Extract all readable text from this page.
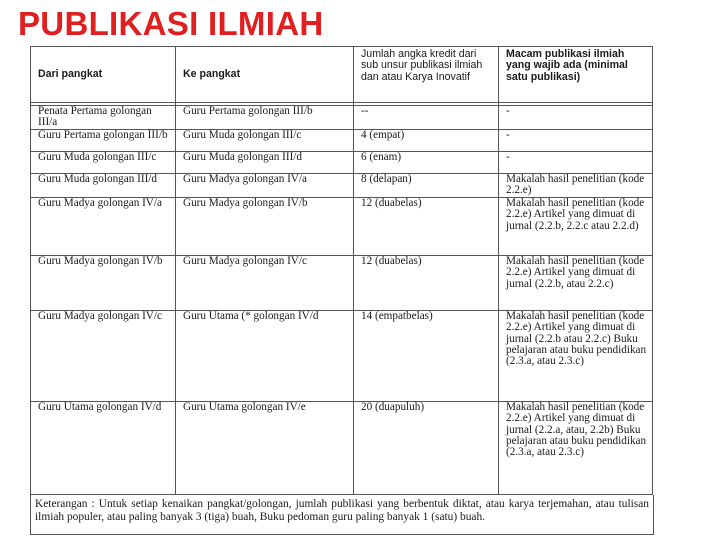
PUBLIKASI ILMIAH
Dari pangkat	Ke pangkat	Jumlah angka kredit dari sub unsur publikasi ilmiah dan atau Karya Inovatif	Macam publikasi ilmiah yang wajib ada (minimal satu publikasi)

Penata Pertama golongan III/a	Guru Pertama golongan III/b	--	-
Guru Pertama golongan III/b	Guru Muda golongan III/c	4 (empat)	-
Guru Muda golongan III/c	Guru Muda golongan III/d	6 (enam)	-
Guru Muda golongan III/d	Guru Madya golongan IV/a	8 (delapan)	Makalah hasil penelitian (kode 2.2.e)
Guru Madya golongan IV/a	Guru Madya golongan IV/b	12 (duabelas)	Makalah hasil penelitian (kode 2.2.e) Artikel yang dimuat di jurnal (2.2.b, 2.2.c atau 2.2.d)
Guru Madya golongan IV/b	Guru Madya golongan IV/c	12 (duabelas)	Makalah hasil penelitian (kode 2.2.e) Artikel yang dimuat di jurnal (2.2.b, atau 2.2.c)
Guru Madya golongan IV/c	Guru Utama (* golongan IV/d	14 (empatbelas)	Makalah hasil penelitian (kode 2.2.e) Artikel yang dimuat di jurnal (2.2.b atau 2.2.c) Buku pelajaran atau buku pendidikan (2.3.a, atau 2.3.c)
Guru Utama golongan IV/d	Guru Utama golongan IV/e	20 (duapuluh)	Makalah hasil penelitian (kode 2.2.e) Artikel yang dimuat di jurnal (2.2.a, atau, 2.2b) Buku pelajaran atau buku pendidikan (2.3.a, atau 2.3.c)
Keterangan : Untuk setiap kenaikan pangkat/golongan, jumlah publikasi yang berbentuk diktat, atau karya terjemahan, atau tulisan ilmiah populer, atau paling banyak 3 (tiga) buah, Buku pedoman guru paling banyak 1 (satu) buah.
